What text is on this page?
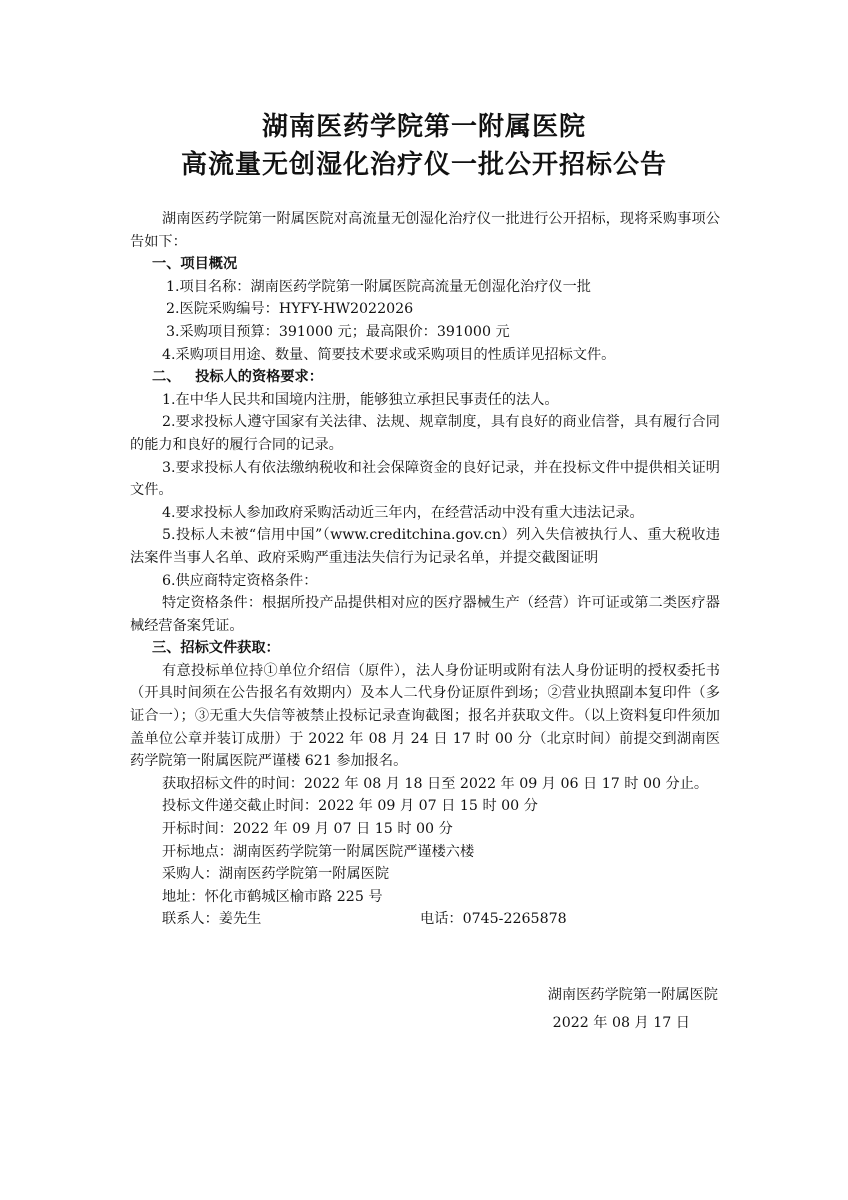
湖南医药学院第一附属医院
高流量无创湿化治疗仪一批公开招标公告

湖南医药学院第一附属医院对高流量无创湿化治疗仪一批进行公开招标，现将采购事项公告如下：

一、项目概况

1.项目名称：湖南医药学院第一附属医院高流量无创湿化治疗仪一批

2.医院采购编号：HYFY-HW2022026

3.采购项目预算：391000 元；最高限价：391000 元

4.采购项目用途、数量、简要技术要求或采购项目的性质详见招标文件。

二、   投标人的资格要求：

1.在中华人民共和国境内注册，能够独立承担民事责任的法人。

2.要求投标人遵守国家有关法律、法规、规章制度，具有良好的商业信誉，具有履行合同的能力和良好的履行合同的记录。

3.要求投标人有依法缴纳税收和社会保障资金的良好记录，并在投标文件中提供相关证明文件。

4.要求投标人参加政府采购活动近三年内，在经营活动中没有重大违法记录。

5.投标人未被“信用中国”（www.creditchina.gov.cn）列入失信被执行人、重大税收违法案件当事人名单、政府采购严重违法失信行为记录名单，并提交截图证明

6.供应商特定资格条件：

特定资格条件：根据所投产品提供相对应的医疗器械生产（经营）许可证或第二类医疗器械经营备案凭证。

三、招标文件获取：

有意投标单位持①单位介绍信（原件），法人身份证明或附有法人身份证明的授权委托书（开具时间须在公告报名有效期内）及本人二代身份证原件到场；②营业执照副本复印件（多证合一）；③无重大失信等被禁止投标记录查询截图；报名并获取文件。（以上资料复印件须加盖单位公章并装订成册）于 2022 年 08 月 24 日 17 时 00 分（北京时间）前提交到湖南医药学院第一附属医院严谨楼 621 参加报名。

获取招标文件的时间：2022 年 08 月 18 日至 2022 年 09 月 06 日 17 时 00 分止。

投标文件递交截止时间：2022 年 09 月 07 日 15 时 00 分

开标时间：2022 年 09 月 07 日 15 时 00 分

开标地点：湖南医药学院第一附属医院严谨楼六楼

采购人：湖南医药学院第一附属医院

地址：怀化市鹤城区榆市路 225 号

联系人：姜先生	电话：0745-2265878

湖南医药学院第一附属医院
2022 年 08 月 17 日
